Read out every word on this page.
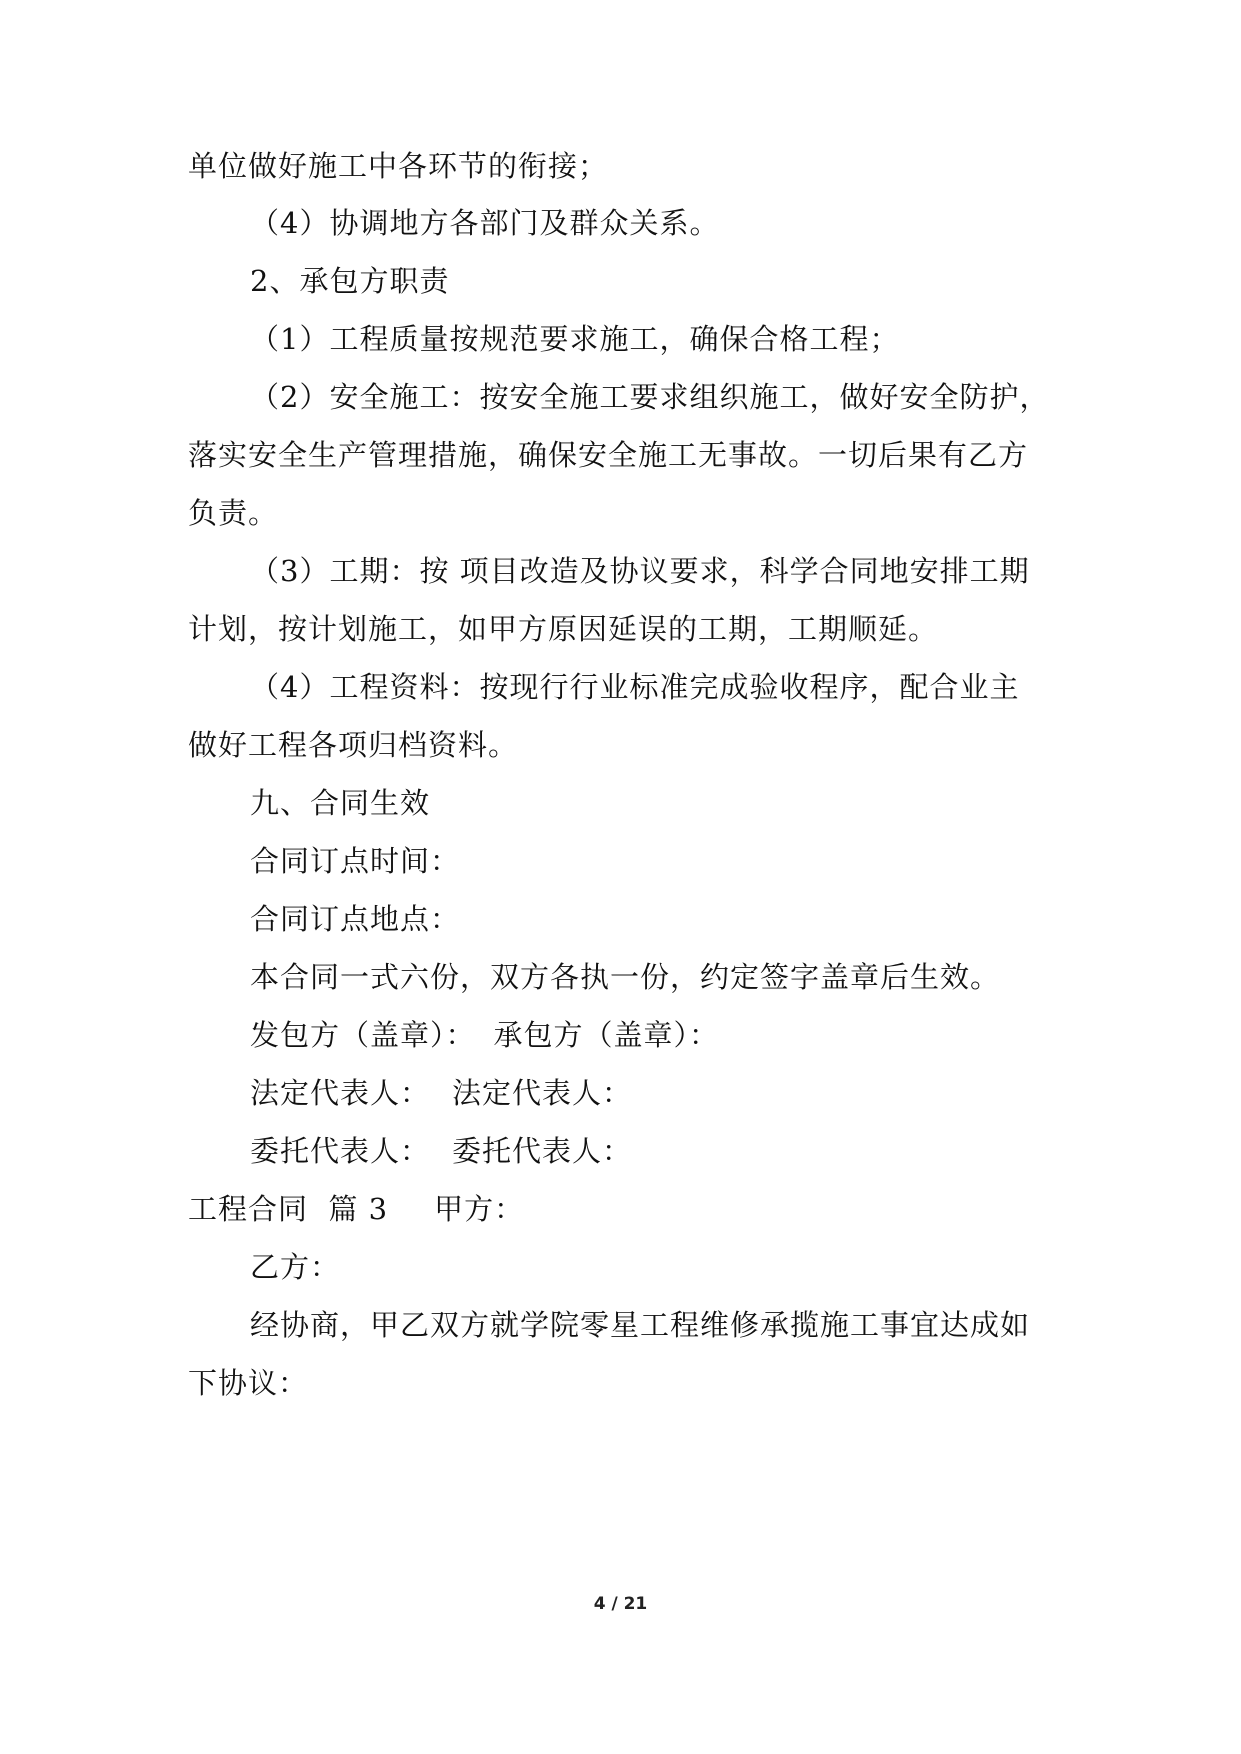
单位做好施工中各环节的衔接；
（4）协调地方各部门及群众关系。
2、承包方职责
（1）工程质量按规范要求施工，确保合格工程；
（2）安全施工：按安全施工要求组织施工，做好安全防护，
落实安全生产管理措施，确保安全施工无事故。一切后果有乙方
负责。
（3）工期：按 项目改造及协议要求，科学合同地安排工期
计划，按计划施工，如甲方原因延误的工期，工期顺延。
（4）工程资料：按现行行业标准完成验收程序，配合业主
做好工程各项归档资料。
九、合同生效
合同订点时间：
合同订点地点：
本合同一式六份，双方各执一份，约定签字盖章后生效。
发包方（盖章）： 承包方（盖章）：
法定代表人： 法定代表人：
委托代表人： 委托代表人：
工程合同  篇 3 甲方：
乙方：
经协商，甲乙双方就学院零星工程维修承揽施工事宜达成如
下协议：
4 / 21
